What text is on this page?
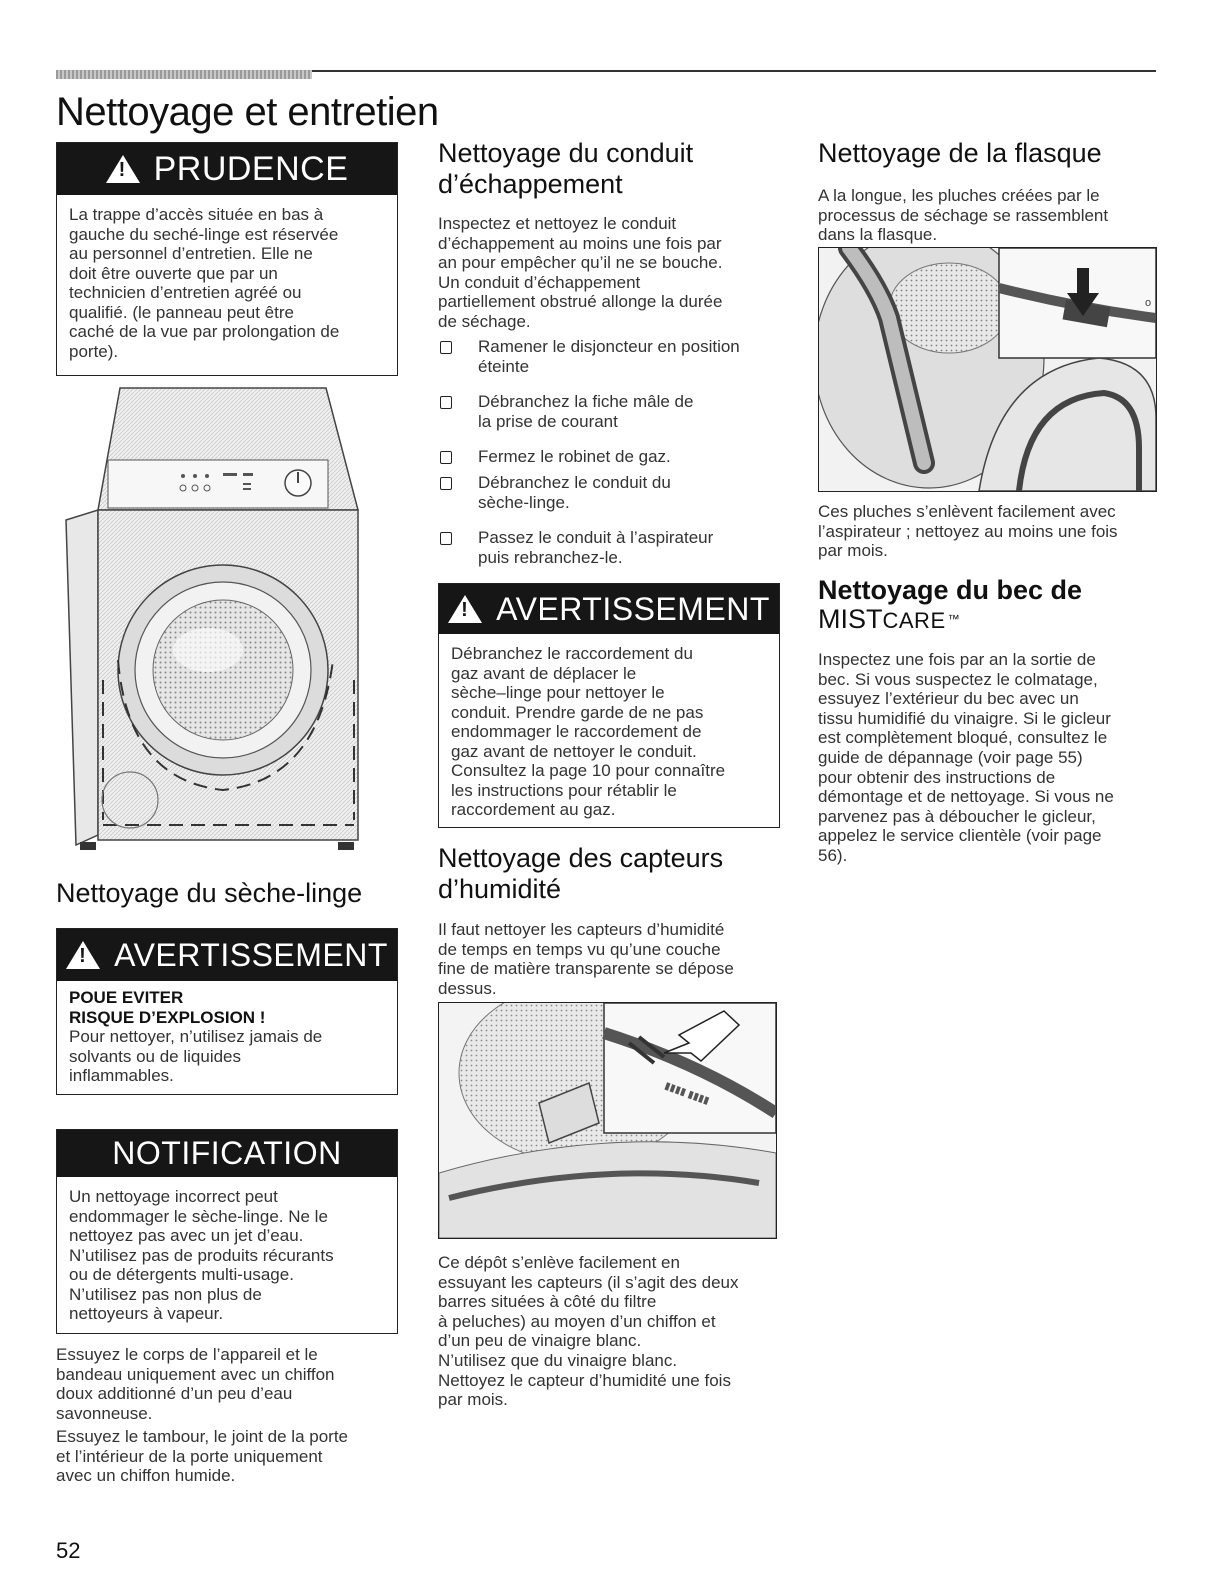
Nettoyage et entretien
!
PRUDENCE
La trappe d’accès située en bas à
gauche du seché-linge est réservée
au personnel d’entretien. Elle ne
doit être ouverte que par un
technicien d’entretien agréé ou
qualifié. (le panneau peut être
caché de la vue par prolongation de
porte).
Nettoyage du sèche-linge
!
AVERTISSEMENT
POUE EVITER
RISQUE D’EXPLOSION !
Pour nettoyer, n’utilisez jamais de
solvants ou de liquides
inflammables.
NOTIFICATION
Un nettoyage incorrect peut
endommager le sèche-linge. Ne le
nettoyez pas avec un jet d’eau.
N’utilisez pas de produits récurants
ou de détergents multi-usage.
N’utilisez pas non plus de
nettoyeurs à vapeur.
Essuyez le corps de l’appareil et le
bandeau uniquement avec un chiffon
doux additionné d’un peu d’eau
savonneuse.
Essuyez le tambour, le joint de la porte
et l’intérieur de la porte uniquement
avec un chiffon humide.
52
Nettoyage du conduit
d’échappement
Inspectez et nettoyez le conduit
d’échappement au moins une fois par
an pour empêcher qu’il ne se bouche.
Un conduit d’échappement
partiellement obstrué allonge la durée
de séchage.
Ramener le disjoncteur en position
éteinte
Débranchez la fiche mâle de
la prise de courant
Fermez le robinet de gaz.
Débranchez le conduit du
sèche-linge.
Passez le conduit à l’aspirateur
puis rebranchez-le.
!
AVERTISSEMENT
Débranchez le raccordement du
gaz avant de déplacer le
sèche–linge pour nettoyer le
conduit. Prendre garde de ne pas
endommager le raccordement de
gaz avant de nettoyer le conduit.
Consultez la page 10 pour connaître
les instructions pour rétablir le
raccordement au gaz.
Nettoyage des capteurs
d’humidité
Il faut nettoyer les capteurs d’humidité
de temps en temps vu qu’une couche
fine de matière transparente se dépose
dessus.
▮▮▮▮ ▮▮▮▮
Ce dépôt s’enlève facilement en
essuyant les capteurs (il s’agit des deux
barres situées à côté du filtre
à peluches) au moyen d’un chiffon et
d’un peu de vinaigre blanc.
N’utilisez que du vinaigre blanc.
Nettoyez le capteur d’humidité une fois
par mois.
Nettoyage de la flasque
A la longue, les pluches créées par le
processus de séchage se rassemblent
dans la flasque.
o
Ces pluches s’enlèvent facilement avec
l’aspirateur ; nettoyez au moins une fois
par mois.
Nettoyage du bec de
MISTCARE ™
Inspectez une fois par an la sortie de
bec. Si vous suspectez le colmatage,
essuyez l’extérieur du bec avec un
tissu humidifié du vinaigre. Si le gicleur
est complètement bloqué, consultez le
guide de dépannage (voir page 55)
pour obtenir des instructions de
démontage et de nettoyage. Si vous ne
parvenez pas à déboucher le gicleur,
appelez le service clientèle (voir page
56).
